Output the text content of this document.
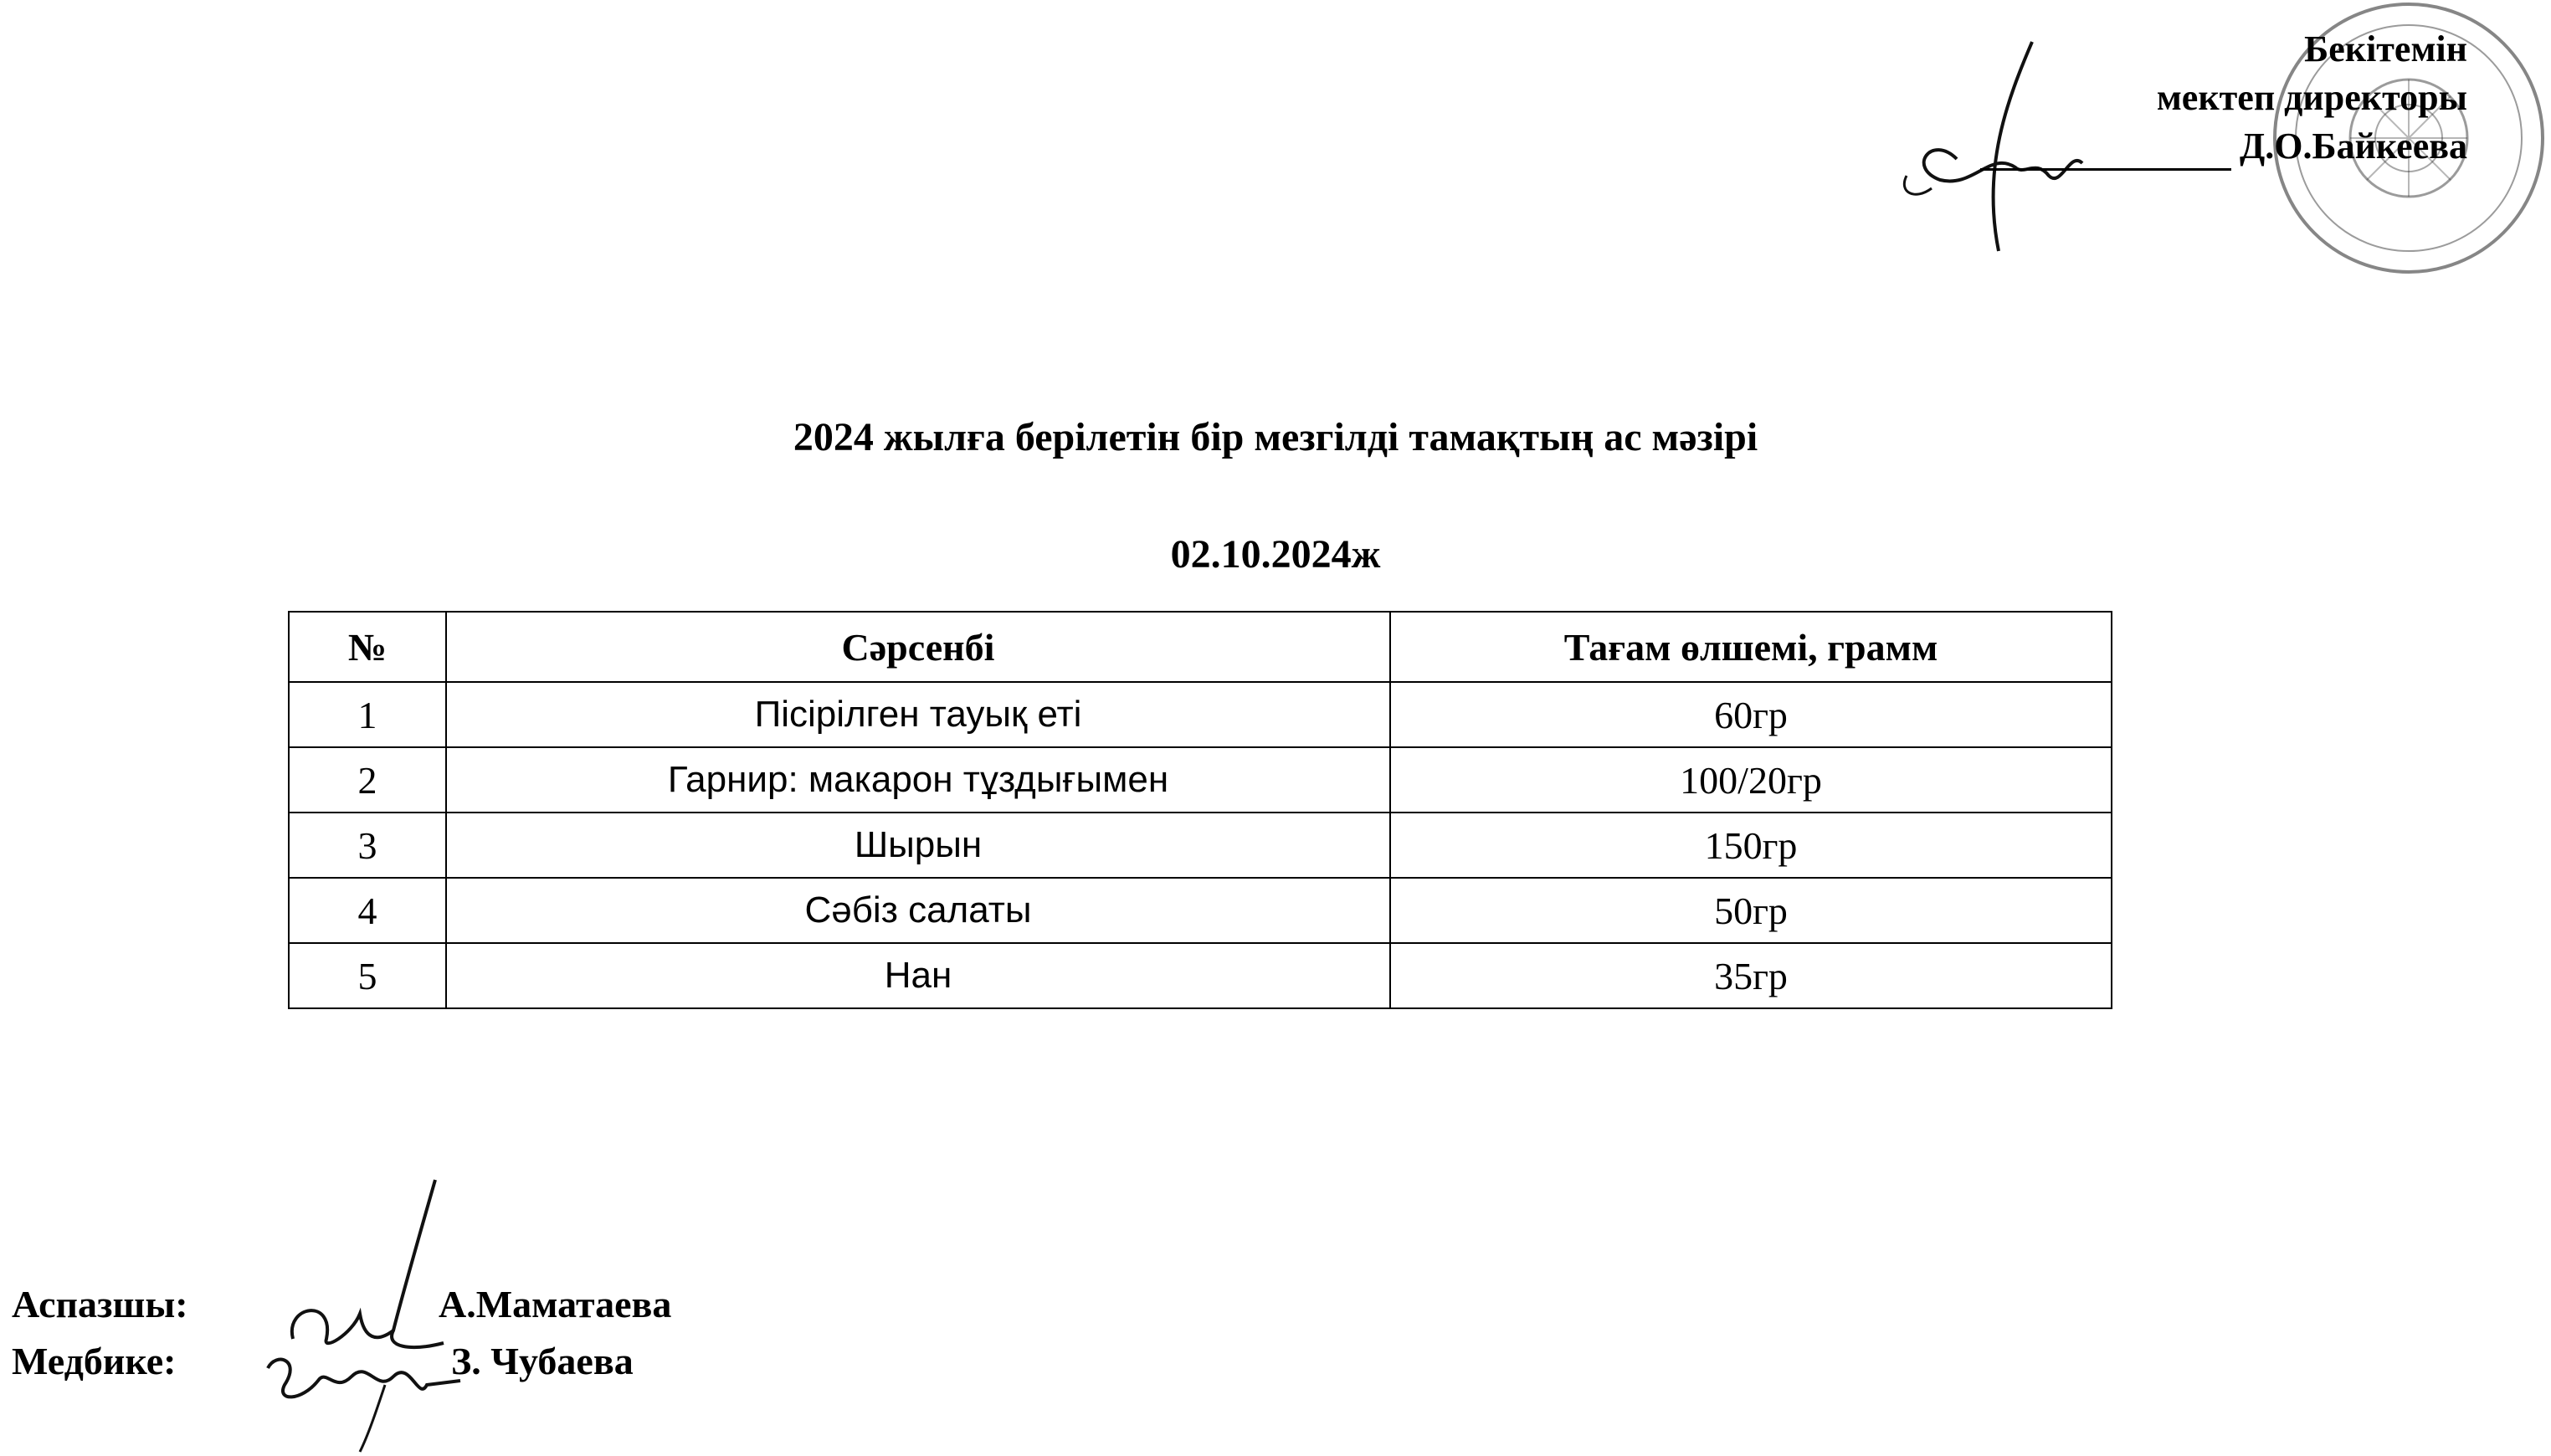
Бекітемін
мектеп директоры
Д.О.Байкеева
2024 жылға берілетін бір мезгілді тамақтың ас мәзірі
02.10.2024ж
№	Сәрсенбі	Тағам өлшемі, грамм
1	Пісірілген тауық еті	60гр
2	Гарнир: макарон тұздығымен	100/20гр
3	Шырын	150гр
4	Сәбіз салаты	50гр
5	Нан	35гр
Аспазшы:	А.Маматаева
Медбике:	З. Чубаева
